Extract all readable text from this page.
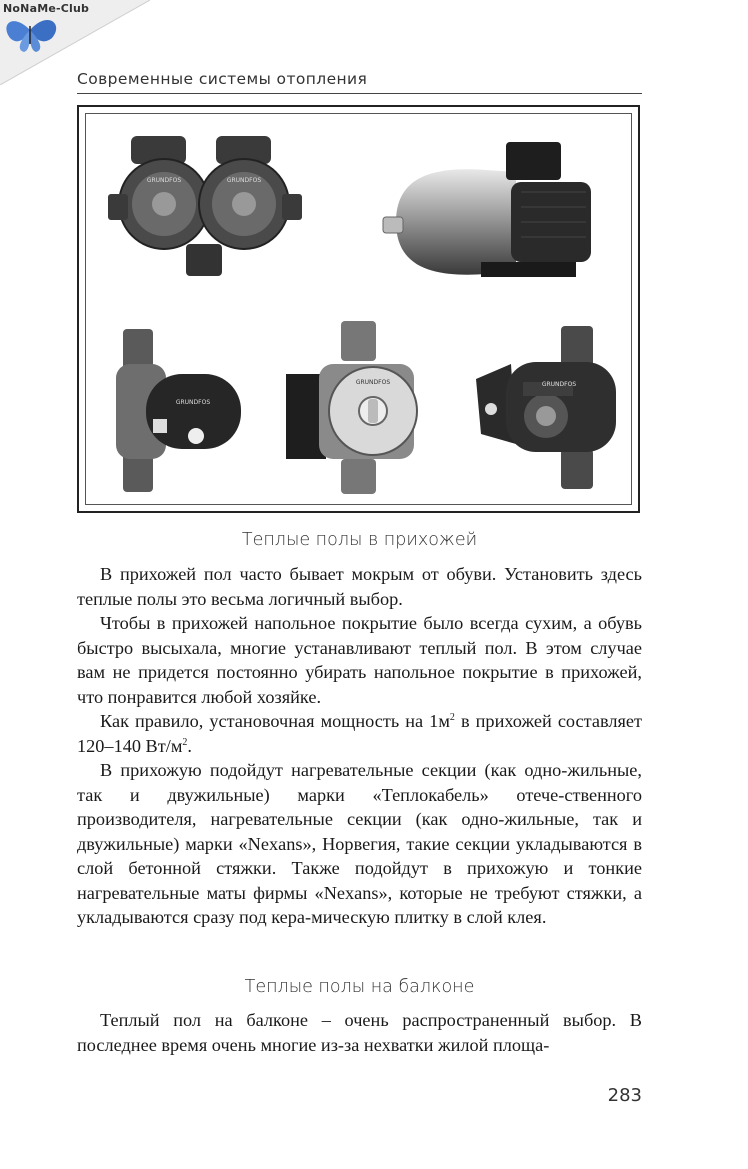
NoNaMe-Club
Современные системы отопления
GRUNDFOS	GRUNDFOS
GRUNDFOS
GRUNDFOS	GRUNDFOS
Теплые полы в прихожей

В прихожей пол часто бывает мокрым от обуви. Установить здесь теплые полы это весьма логичный выбор.

Чтобы в прихожей напольное покрытие было всегда сухим, а обувь быстро высыхала, многие устанавливают теплый пол. В этом случае вам не придется постоянно убирать напольное покрытие в прихожей, что понравится любой хозяйке.

Как правило, установочная мощность на $1м^2$ в прихожей составляет 120–140 $Вт/м^2$.

В прихожую подойдут нагревательные секции (как одно-жильные, так и двужильные) марки «Теплокабель» отече-ственного производителя, нагревательные секции (как одно-жильные, так и двужильные) марки «Nexans», Норвегия, такие секции укладываются в слой бетонной стяжки. Также подойдут в прихожую и тонкие нагревательные маты фирмы «Nexans», которые не требуют стяжки, а укладываются сразу под кера-мическую плитку в слой клея.

Теплые полы на балконе

Теплый пол на балконе – очень распространенный выбор. В последнее время очень многие из-за нехватки жилой площа-

283
